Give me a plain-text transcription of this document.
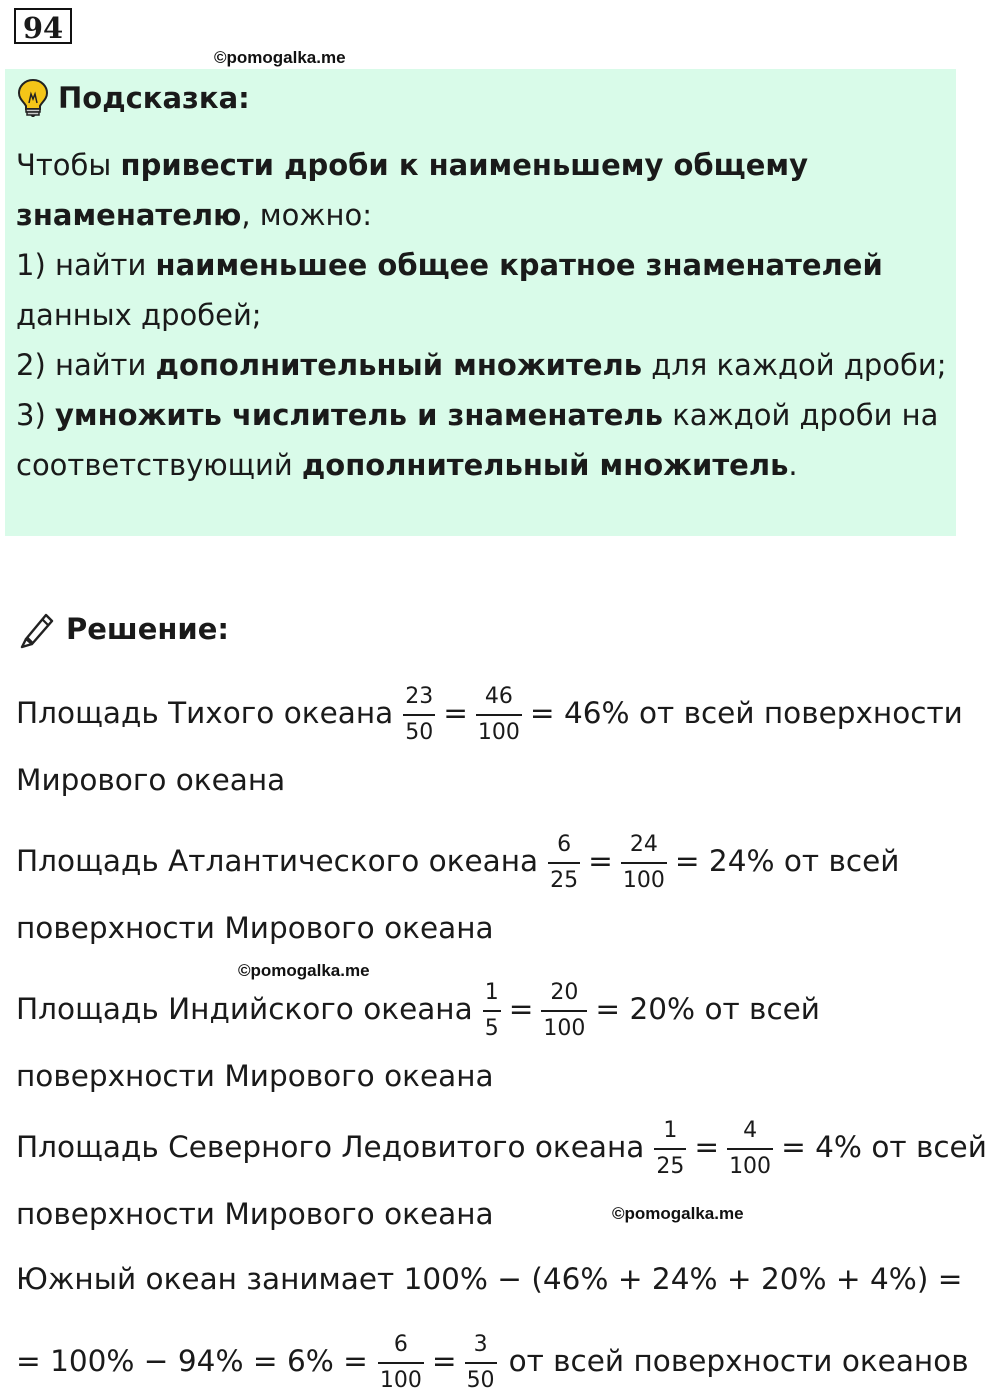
94
©pomogalka.me
©pomogalka.me
©pomogalka.me
Подсказка:
Чтобы привести дроби к наименьшему общему
знаменателю, можно:
1) найти наименьшее общее кратное знаменателей
данных дробей;
2) найти дополнительный множитель для каждой дроби;
3) умножить числитель и знаменатель каждой дроби на
соответствующий дополнительный множитель.
Решение:
Площадь Тихого океана $\frac{23}{50} = \frac{46}{100} = 46\%$ от всей поверхности
Мирового океана
Площадь Атлантического океана $\frac{6}{25} = \frac{24}{100} = 24\%$ от всей
поверхности Мирового океана
Площадь Индийского океана $\frac{1}{5} = \frac{20}{100} = 20\%$ от всей
поверхности Мирового океана
Площадь Северного Ледовитого океана $\frac{1}{25} = \frac{4}{100} = 4\%$ от всей
поверхности Мирового океана
Южный океан занимает 100% − (46% + 24% + 20% + 4%) =
= $100\% - 94\% = 6\% = \frac{6}{100} = \frac{3}{50}$ от всей поверхности океанов
